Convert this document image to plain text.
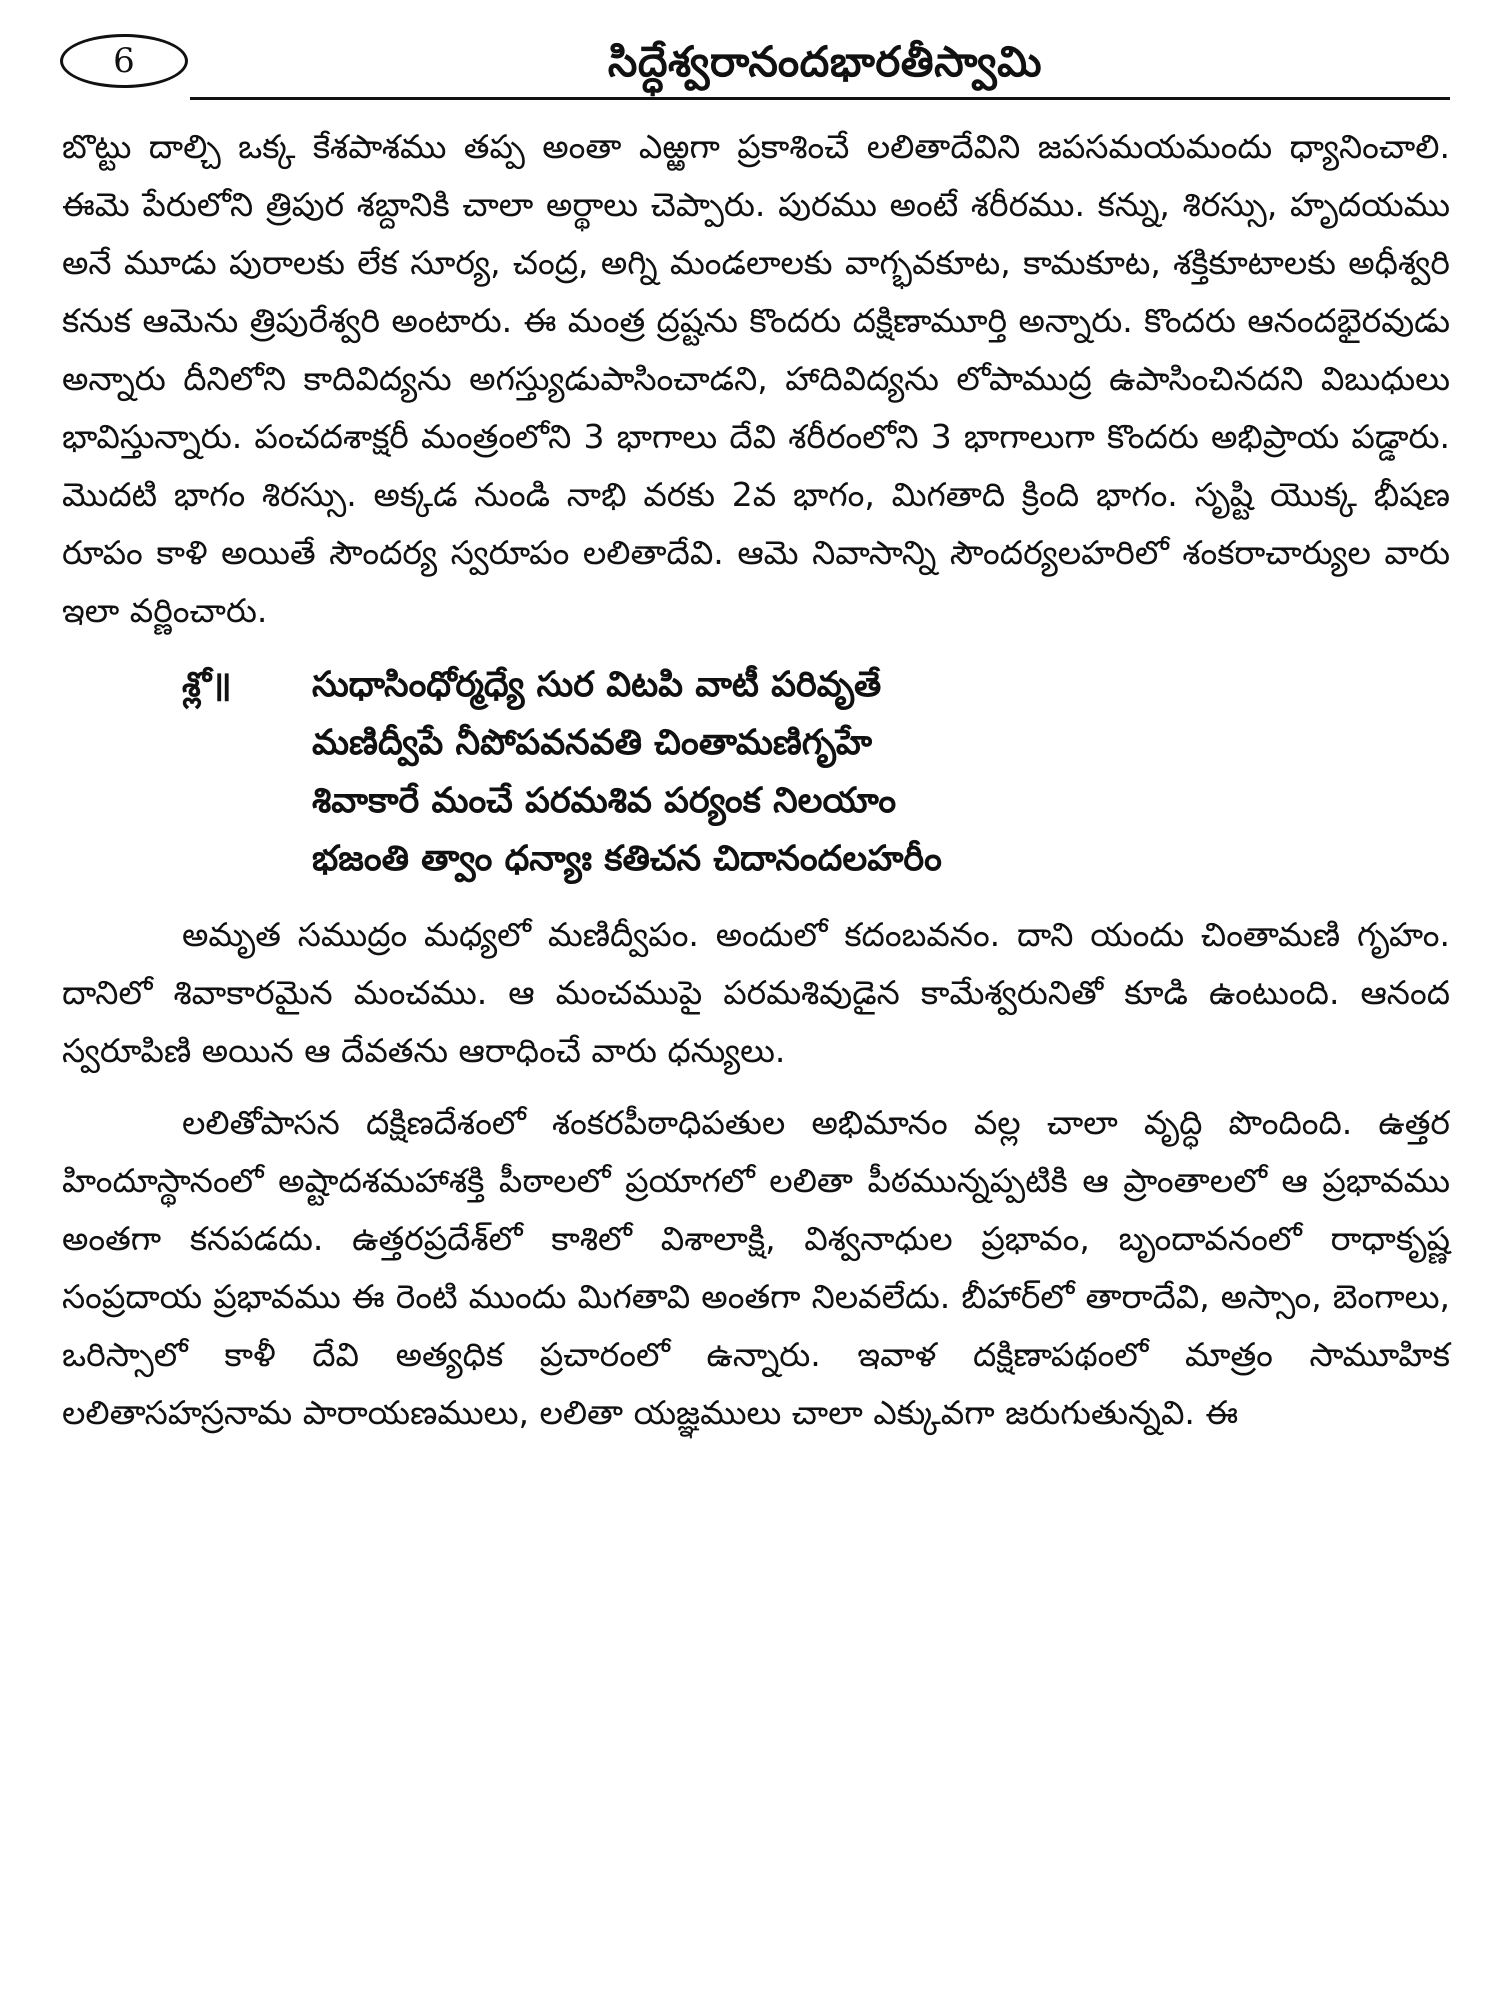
6	సిద్ధేశ్వరానందభారతీస్వామి

బొట్టు దాల్చి ఒక్క కేశపాశము తప్ప అంతా ఎఱ్ఱగా ప్రకాశించే లలితాదేవిని జపసమయమందు ధ్యానించాలి. ఈమె పేరులోని త్రిపుర శబ్దానికి చాలా అర్థాలు చెప్పారు. పురము అంటే శరీరము. కన్ను, శిరస్సు, హృదయము అనే మూడు పురాలకు లేక సూర్య, చంద్ర, అగ్ని మండలాలకు వాగ్భవకూట, కామకూట, శక్తికూటాలకు అధీశ్వరి కనుక ఆమెను త్రిపురేశ్వరి అంటారు. ఈ మంత్ర ద్రష్టను కొందరు దక్షిణామూర్తి అన్నారు. కొందరు ఆనందభైరవుడు అన్నారు దీనిలోని కాదివిద్యను అగస్త్యుడుపాసించాడని, హాదివిద్యను లోపాముద్ర ఉపాసించినదని విబుధులు భావిస్తున్నారు. పంచదశాక్షరీ మంత్రంలోని 3 భాగాలు దేవి శరీరంలోని 3 భాగాలుగా కొందరు అభిప్రాయ పడ్డారు. మొదటి భాగం శిరస్సు. అక్కడ నుండి నాభి వరకు 2వ భాగం, మిగతాది క్రింది భాగం. సృష్టి యొక్క భీషణ రూపం కాళి అయితే సౌందర్య స్వరూపం లలితాదేవి. ఆమె నివాసాన్ని సౌందర్యలహరిలో శంకరాచార్యుల వారు ఇలా వర్ణించారు.

శ్లో॥	సుధాసింధోర్మధ్యే సుర విటపి వాటీ పరివృతే
మణిద్వీపే నీపోపవనవతి చింతామణిగృహే
శివాకారే మంచే పరమశివ పర్యంక నిలయాం
భజంతి త్వాం ధన్యాః కతిచన చిదానందలహరీం

అమృత సముద్రం మధ్యలో మణిద్వీపం. అందులో కదంబవనం. దాని యందు చింతామణి గృహం. దానిలో శివాకారమైన మంచము. ఆ మంచముపై పరమశివుడైన కామేశ్వరునితో కూడి ఉంటుంది. ఆనంద స్వరూపిణి అయిన ఆ దేవతను ఆరాధించే వారు ధన్యులు.

లలితోపాసన దక్షిణదేశంలో శంకరపీఠాధిపతుల అభిమానం వల్ల చాలా వృద్ధి పొందింది. ఉత్తర హిందూస్థానంలో అష్టాదశమహాశక్తి పీఠాలలో ప్రయాగలో లలితా పీఠమున్నప్పటికి ఆ ప్రాంతాలలో ఆ ప్రభావము అంతగా కనపడదు. ఉత్తరప్రదేశ్‌లో కాశిలో విశాలాక్షి, విశ్వనాధుల ప్రభావం, బృందావనంలో రాధాకృష్ణ సంప్రదాయ ప్రభావము ఈ రెంటి ముందు మిగతావి అంతగా నిలవలేదు. బీహార్‌లో తారాదేవి, అస్సాం, బెంగాలు, ఒరిస్సాలో కాళీ దేవి అత్యధిక ప్రచారంలో ఉన్నారు. ఇవాళ దక్షిణాపథంలో మాత్రం సామూహిక లలితాసహస్రనామ పారాయణములు, లలితా యజ్ఞములు చాలా ఎక్కువగా జరుగుతున్నవి. ఈ
